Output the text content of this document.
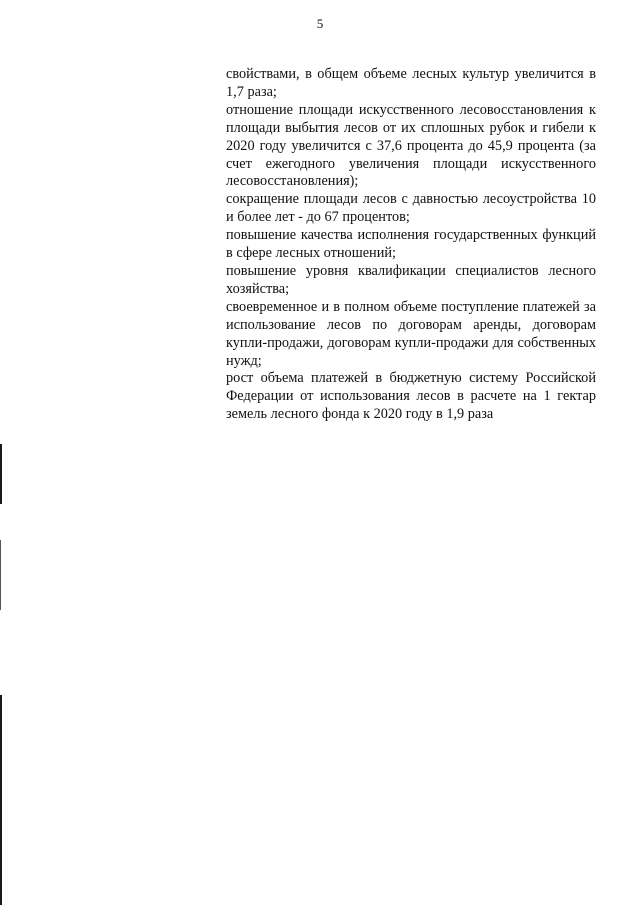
5

свойствами, в общем объеме лесных культур увеличится в 1,7 раза;

отношение площади искусственного лесовосстановления к площади выбытия лесов от их сплошных рубок и гибели к 2020 году увеличится с 37,6 процента до 45,9 процента (за счет ежегодного увеличения площади искусственного лесовосстановления);

сокращение площади лесов с давностью лесоустройства 10 и более лет - до 67 процентов;

повышение качества исполнения государственных функций в сфере лесных отношений;

повышение уровня квалификации специалистов лесного хозяйства;

своевременное и в полном объеме поступление платежей за использование лесов по договорам аренды, договорам купли-продажи, договорам купли-продажи для собственных нужд;

рост объема платежей в бюджетную систему Российской Федерации от использования лесов в расчете на 1 гектар земель лесного фонда к 2020 году в 1,9 раза
